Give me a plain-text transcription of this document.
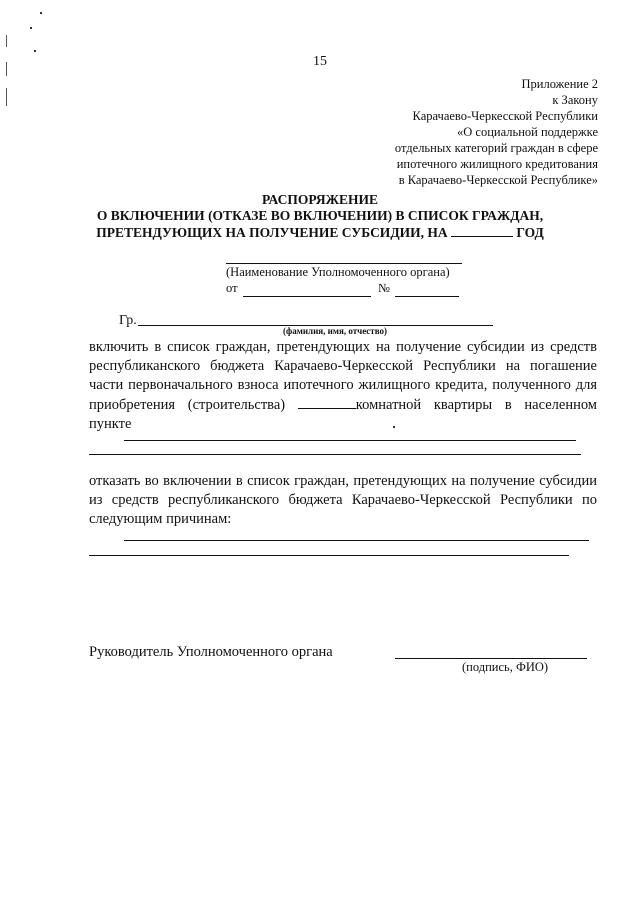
15
Приложение 2
к Закону
Карачаево-Черкесской Республики
«О социальной поддержке
отдельных категорий граждан в сфере
ипотечного жилищного кредитования
в Карачаево-Черкесской Республике»
РАСПОРЯЖЕНИЕ
О ВКЛЮЧЕНИИ (ОТКАЗЕ ВО ВКЛЮЧЕНИИ) В СПИСОК ГРАЖДАН,
ПРЕТЕНДУЮЩИХ НА ПОЛУЧЕНИЕ СУБСИДИИ, НА	ГОД
(Наименование Уполномоченного органа)
от	№
Гр.
(фамилия, имя, отчество)
включить в список граждан, претендующих на получение субсидии из средств республиканского бюджета Карачаево-Черкесской Республики на погашение части первоначального взноса ипотечного жилищного кредита, полученного для приобретения (строительства)	комнатной квартиры в населенном пункте
отказать во включении в список граждан, претендующих на получение субсидии из средств республиканского бюджета Карачаево-Черкесской Республики по следующим причинам:
Руководитель Уполномоченного органа
(подпись, ФИО)
